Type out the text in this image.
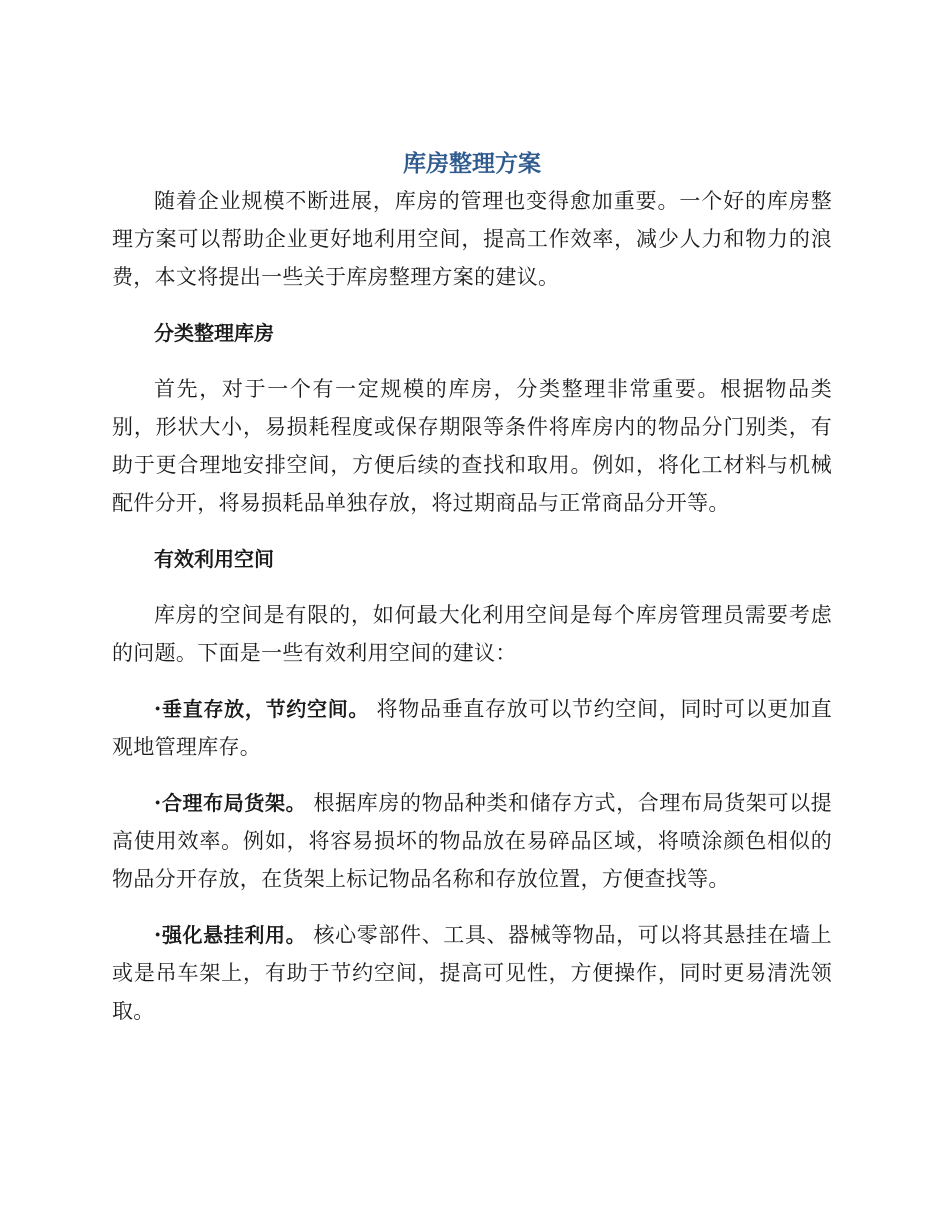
库房整理方案

随着企业规模不断进展，库房的管理也变得愈加重要。一个好的库房整理方案可以帮助企业更好地利用空间，提高工作效率，减少人力和物力的浪费，本文将提出一些关于库房整理方案的建议。

分类整理库房

首先，对于一个有一定规模的库房，分类整理非常重要。根据物品类别，形状大小，易损耗程度或保存期限等条件将库房内的物品分门别类，有助于更合理地安排空间，方便后续的查找和取用。例如，将化工材料与机械配件分开，将易损耗品单独存放，将过期商品与正常商品分开等。

有效利用空间

库房的空间是有限的，如何最大化利用空间是每个库房管理员需要考虑的问题。下面是一些有效利用空间的建议：

·垂直存放，节约空间。 将物品垂直存放可以节约空间，同时可以更加直观地管理库存。

·合理布局货架。 根据库房的物品种类和储存方式，合理布局货架可以提高使用效率。例如，将容易损坏的物品放在易碎品区域，将喷涂颜色相似的物品分开存放，在货架上标记物品名称和存放位置，方便查找等。

·强化悬挂利用。 核心零部件、工具、器械等物品，可以将其悬挂在墙上或是吊车架上，有助于节约空间，提高可见性，方便操作，同时更易清洗领取。
